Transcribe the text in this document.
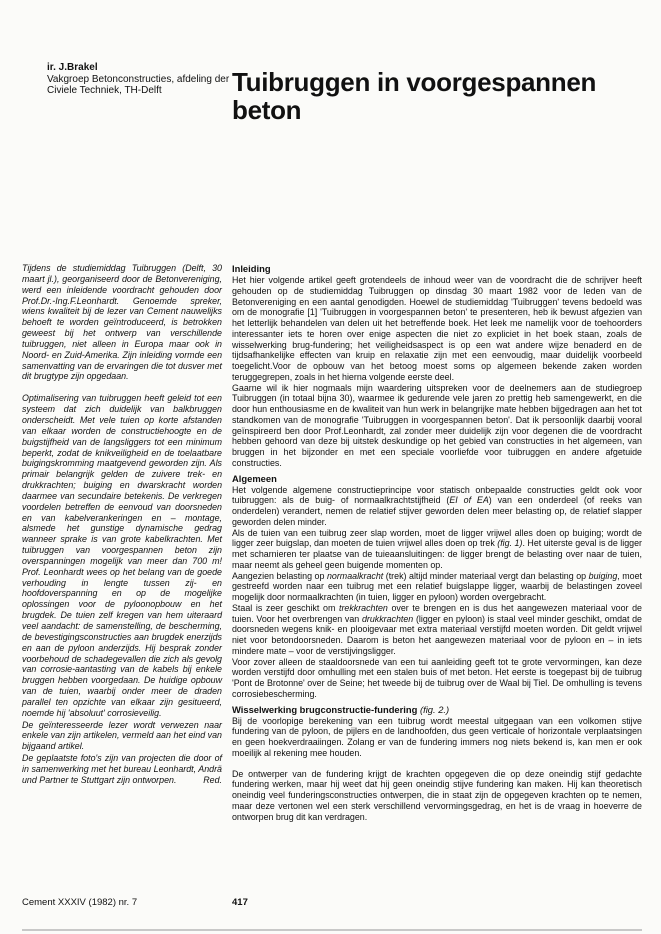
ir. J.Brakel
Vakgroep Betonconstructies, afdeling der
Civiele Techniek, TH-Delft	Tuibruggen in voorgespannen
beton

Tijdens de studiemiddag Tuibruggen (Delft, 30 maart jl.), georganiseerd door de Betonvereniging, werd een inleidende voordracht gehouden door Prof.Dr.-Ing.F.Leonhardt. Genoemde spreker, wiens kwaliteit bij de lezer van Cement nauwelijks behoeft te worden geïntroduceerd, is betrokken geweest bij het ontwerp van verschillende tuibruggen, niet alleen in Europa maar ook in Noord- en Zuid-Amerika. Zijn inleiding vormde een samenvatting van de ervaringen die tot dusver met dit brugtype zijn opgedaan.

Optimalisering van tuibruggen heeft geleid tot een systeem dat zich duidelijk van balkbruggen onderscheidt. Met vele tuien op korte afstanden van elkaar worden de constructiehoogte en de buigstijfheid van de langsliggers tot een minimum beperkt, zodat de knikveiligheid en de toelaatbare buigingskromming maatgevend geworden zijn. Als primair belangrijk gelden de zuivere trek- en drukkrachten; buiging en dwarskracht worden daarmee van secundaire betekenis. De verkregen voordelen betreffen de eenvoud van doorsneden en van kabelverankeringen en – montage, alsmede het gunstige dynamische gedrag wanneer sprake is van grote kabelkrachten. Met tuibruggen van voorgespannen beton zijn overspanningen mogelijk van meer dan 700 m! Prof. Leonhardt wees op het belang van de goede verhouding in lengte tussen zij- en hoofdoverspanning en op de mogelijke oplossingen voor de pyloonopbouw en het brugdek. De tuien zelf kregen van hem uiteraard veel aandacht: de samenstelling, de bescherming, de bevestigingsconstructies aan brugdek enerzijds en aan de pyloon anderzijds. Hij besprak zonder voorbehoud de schadegevallen die zich als gevolg van corrosie-aantasting van de kabels bij enkele bruggen hebben voorgedaan. De huidige opbouw van de tuien, waarbij onder meer de draden parallel ten opzichte van elkaar zijn gesitueerd, noemde hij 'absoluut' corrosieveilig.

De geïnteresseerde lezer wordt verwezen naar enkele van zijn artikelen, vermeld aan het eind van bijgaand artikel.

De geplaatste foto's zijn van projecten die door of in samenwerking met het bureau Leonhardt, Andrä und Partner te Stuttgart zijn ontworpen.	Red.

Inleiding

Het hier volgende artikel geeft grotendeels de inhoud weer van de voordracht die de schrijver heeft gehouden op de studiemiddag Tuibruggen op dinsdag 30 maart 1982 voor de leden van de Betonvereniging en een aantal genodigden. Hoewel de studiemiddag 'Tuibruggen' tevens bedoeld was om de monografie [1] 'Tuibruggen in voorgespannen beton' te presenteren, heb ik bewust afgezien van het letterlijk behandelen van delen uit het betreffende boek. Het leek me namelijk voor de toehoorders interessanter iets te horen over enige aspecten die niet zo expliciet in het boek staan, zoals de wisselwerking brug-fundering; het veiligheidsaspect is op een wat andere wijze benaderd en de tijdsafhankelijke effecten van kruip en relaxatie zijn met een eenvoudig, maar duidelijk voorbeeld toegelicht.Voor de opbouw van het betoog moest soms op algemeen bekende zaken worden teruggegrepen, zoals in het hierna volgende eerste deel.

Gaarne wil ik hier nogmaals mijn waardering uitspreken voor de deelnemers aan de studiegroep Tuibruggen (in totaal bijna 30), waarmee ik gedurende vele jaren zo prettig heb samengewerkt, en die door hun enthousiasme en de kwaliteit van hun werk in belangrijke mate hebben bijgedragen aan het tot standkomen van de monografie 'Tuibruggen in voorgespannen beton'. Dat ik persoonlijk daarbij vooral geïnspireerd ben door Prof.Leonhardt, zal zonder meer duidelijk zijn voor degenen die de voordracht hebben gehoord van deze bij uitstek deskundige op het gebied van constructies in het algemeen, van bruggen in het bijzonder en met een speciale voorliefde voor tuibruggen en andere afgetuide constructies.

Algemeen

Het volgende algemene constructieprincipe voor statisch onbepaalde constructies geldt ook voor tuibruggen: als de buig- of normaalkrachtstijfheid (EI of EA) van een onderdeel (of reeks van onderdelen) verandert, nemen de relatief stijver geworden delen meer belasting op, de relatief slapper geworden delen minder.

Als de tuien van een tuibrug zeer slap worden, moet de ligger vrijwel alles doen op buiging; wordt de ligger zeer buigslap, dan moeten de tuien vrijwel alles doen op trek (fig. 1). Het uiterste geval is de ligger met scharnieren ter plaatse van de tuieaansluitingen: de ligger brengt de belasting over naar de tuien, maar neemt als geheel geen buigende momenten op.

Aangezien belasting op normaalkracht (trek) altijd minder materiaal vergt dan belasting op buiging, moet gestreefd worden naar een tuibrug met een relatief buigslappe ligger, waarbij de belastingen zoveel mogelijk door normaalkrachten (in tuien, ligger en pyloon) worden overgebracht.

Staal is zeer geschikt om trekkrachten over te brengen en is dus het aangewezen materiaal voor de tuien. Voor het overbrengen van drukkrachten (ligger en pyloon) is staal veel minder geschikt, omdat de doorsneden wegens knik- en plooigevaar met extra materiaal verstijfd moeten worden. Dit geldt vrijwel niet voor betondoorsneden. Daarom is beton het aangewezen materiaal voor de pyloon en – in iets mindere mate – voor de verstijvingsligger.

Voor zover alleen de staaldoorsnede van een tui aanleiding geeft tot te grote vervormingen, kan deze worden verstijfd door omhulling met een stalen buis of met beton. Het eerste is toegepast bij de tuibrug 'Pont de Brotonne' over de Seine; het tweede bij de tuibrug over de Waal bij Tiel. De omhulling is tevens corrosiebescherming.

Wisselwerking brugconstructie-fundering (fig. 2.)

Bij de voorlopige berekening van een tuibrug wordt meestal uitgegaan van een volkomen stijve fundering van de pyloon, de pijlers en de landhoofden, dus geen verticale of horizontale verplaatsingen en geen hoekverdraaiingen. Zolang er van de fundering immers nog niets bekend is, kan men er ook moeilijk al rekening mee houden.

De ontwerper van de fundering krijgt de krachten opgegeven die op deze oneindig stijf gedachte fundering werken, maar hij weet dat hij geen oneindig stijve fundering kan maken. Hij kan theoretisch oneindig veel funderingsconstructies ontwerpen, die in staat zijn de opgegeven krachten op te nemen, maar deze vertonen wel een sterk verschillend vervormingsgedrag, en het is de vraag in hoeverre de ontworpen brug dit kan verdragen.

Cement XXXIV (1982) nr. 7	417
